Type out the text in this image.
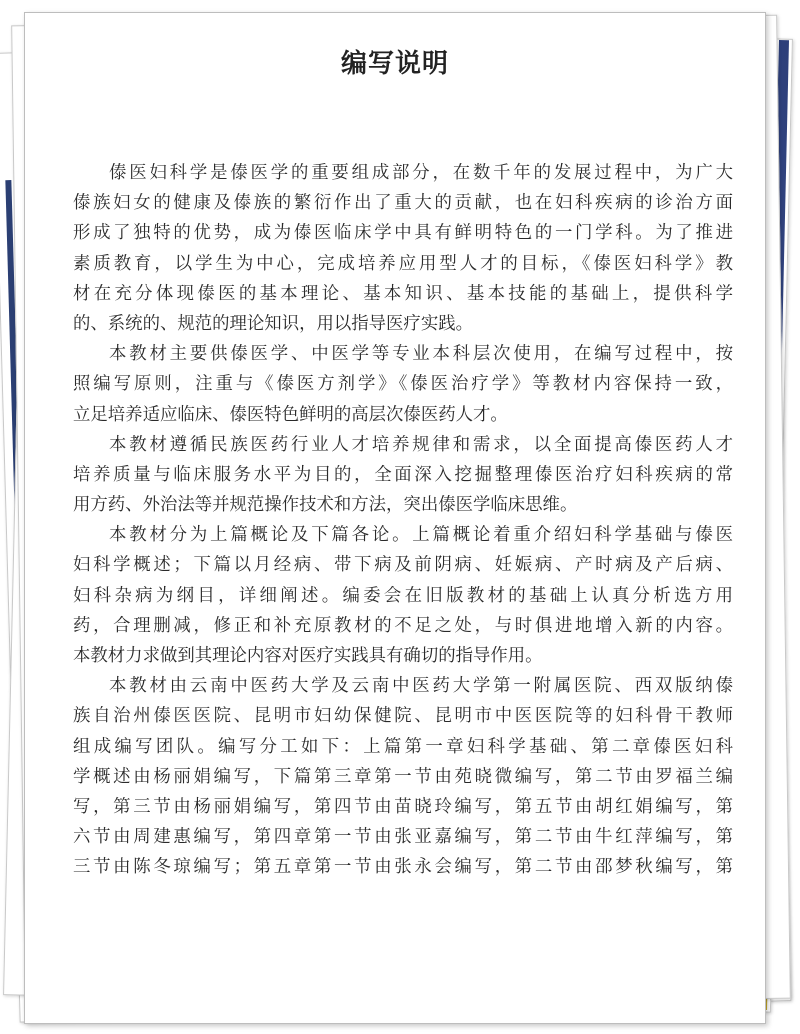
编写说明
傣医妇科学是傣医学的重要组成部分，在数千年的发展过程中，为广大
傣族妇女的健康及傣族的繁衍作出了重大的贡献，也在妇科疾病的诊治方面
形成了独特的优势，成为傣医临床学中具有鲜明特色的一门学科。为了推进
素质教育，以学生为中心，完成培养应用型人才的目标，《傣医妇科学》教
材在充分体现傣医的基本理论、基本知识、基本技能的基础上，提供科学
的、系统的、规范的理论知识，用以指导医疗实践。
本教材主要供傣医学、中医学等专业本科层次使用，在编写过程中，按
照编写原则，注重与《傣医方剂学》《傣医治疗学》等教材内容保持一致，
立足培养适应临床、傣医特色鲜明的高层次傣医药人才。
本教材遵循民族医药行业人才培养规律和需求，以全面提高傣医药人才
培养质量与临床服务水平为目的，全面深入挖掘整理傣医治疗妇科疾病的常
用方药、外治法等并规范操作技术和方法，突出傣医学临床思维。
本教材分为上篇概论及下篇各论。上篇概论着重介绍妇科学基础与傣医
妇科学概述；下篇以月经病、带下病及前阴病、妊娠病、产时病及产后病、
妇科杂病为纲目，详细阐述。编委会在旧版教材的基础上认真分析选方用
药，合理删减，修正和补充原教材的不足之处，与时俱进地增入新的内容。
本教材力求做到其理论内容对医疗实践具有确切的指导作用。
本教材由云南中医药大学及云南中医药大学第一附属医院、西双版纳傣
族自治州傣医医院、昆明市妇幼保健院、昆明市中医医院等的妇科骨干教师
组成编写团队。编写分工如下：上篇第一章妇科学基础、第二章傣医妇科
学概述由杨丽娟编写，下篇第三章第一节由苑晓微编写，第二节由罗福兰编
写，第三节由杨丽娟编写，第四节由苗晓玲编写，第五节由胡红娟编写，第
六节由周建惠编写，第四章第一节由张亚嘉编写，第二节由牛红萍编写，第
三节由陈冬琼编写；第五章第一节由张永会编写，第二节由邵梦秋编写，第
